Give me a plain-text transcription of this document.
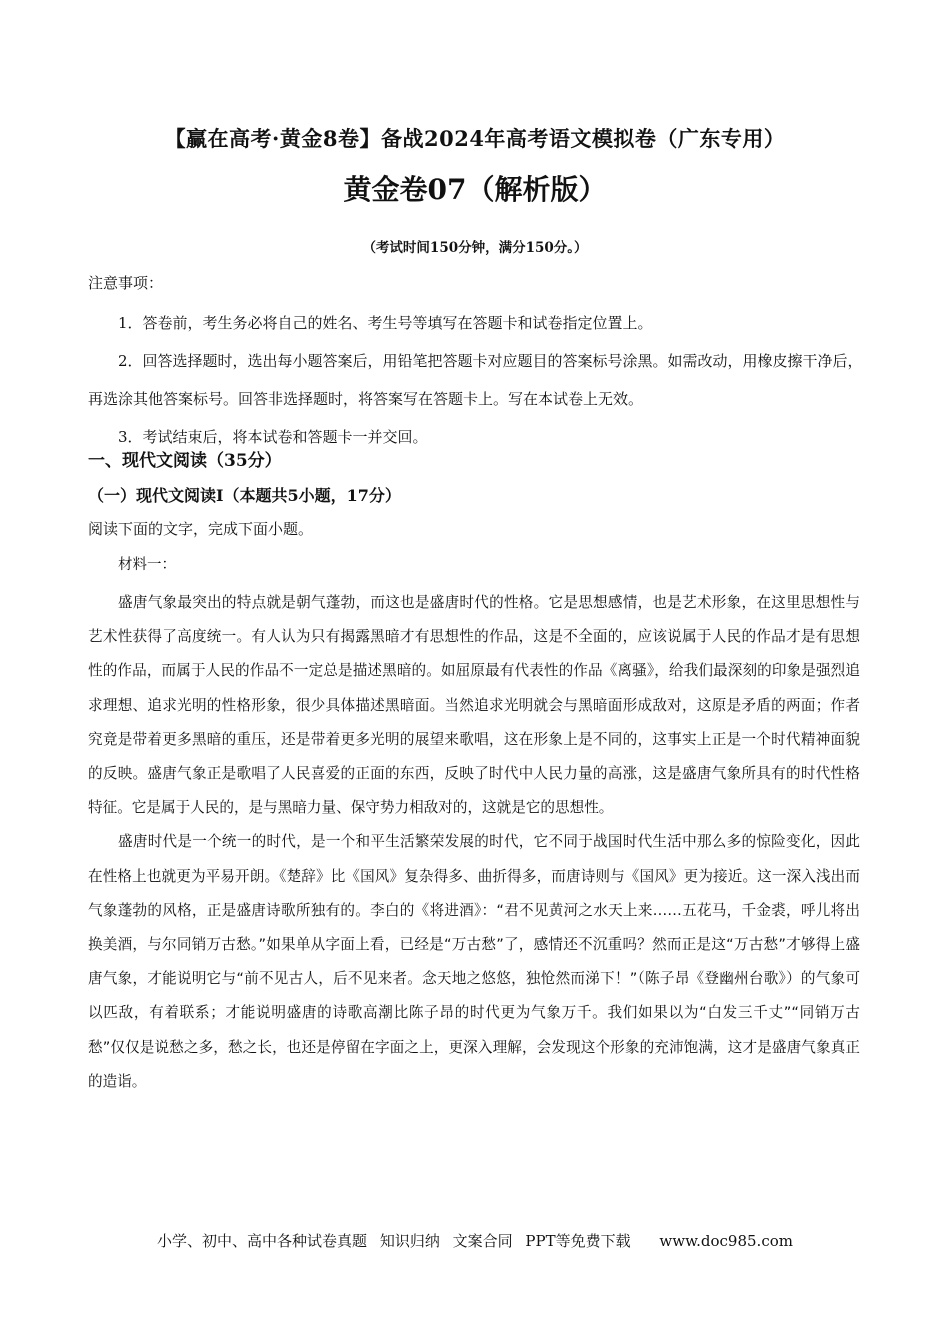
【赢在高考·黄金8卷】备战2024年高考语文模拟卷（广东专用）
黄金卷07（解析版）
（考试时间150分钟，满分150分。）
注意事项：

1．答卷前，考生务必将自己的姓名、考生号等填写在答题卡和试卷指定位置上。

2．回答选择题时，选出每小题答案后，用铅笔把答题卡对应题目的答案标号涂黑。如需改动，用橡皮擦干净后，再选涂其他答案标号。回答非选择题时，将答案写在答题卡上。写在本试卷上无效。

3．考试结束后，将本试卷和答题卡一并交回。

一、现代文阅读（35分）
（一）现代文阅读Ⅰ（本题共5小题，17分）
阅读下面的文字，完成下面小题。
材料一：

盛唐气象最突出的特点就是朝气蓬勃，而这也是盛唐时代的性格。它是思想感情，也是艺术形象，在这里思想性与艺术性获得了高度统一。有人认为只有揭露黑暗才有思想性的作品，这是不全面的，应该说属于人民的作品才是有思想性的作品，而属于人民的作品不一定总是描述黑暗的。如屈原最有代表性的作品《离骚》，给我们最深刻的印象是强烈追求理想、追求光明的性格形象，很少具体描述黑暗面。当然追求光明就会与黑暗面形成敌对，这原是矛盾的两面；作者究竟是带着更多黑暗的重压，还是带着更多光明的展望来歌唱，这在形象上是不同的，这事实上正是一个时代精神面貌的反映。盛唐气象正是歌唱了人民喜爱的正面的东西，反映了时代中人民力量的高涨，这是盛唐气象所具有的时代性格特征。它是属于人民的，是与黑暗力量、保守势力相敌对的，这就是它的思想性。

盛唐时代是一个统一的时代，是一个和平生活繁荣发展的时代，它不同于战国时代生活中那么多的惊险变化，因此在性格上也就更为平易开朗。《楚辞》比《国风》复杂得多、曲折得多，而唐诗则与《国风》更为接近。这一深入浅出而气象蓬勃的风格，正是盛唐诗歌所独有的。李白的《将进酒》：“君不见黄河之水天上来……五花马，千金裘，呼儿将出换美酒，与尔同销万古愁。”如果单从字面上看，已经是“万古愁”了，感情还不沉重吗？然而正是这“万古愁”才够得上盛唐气象，才能说明它与“前不见古人，后不见来者。念天地之悠悠，独怆然而涕下！”（陈子昂《登幽州台歌》）的气象可以匹敌，有着联系；才能说明盛唐的诗歌高潮比陈子昂的时代更为气象万千。我们如果以为“白发三千丈”“同销万古愁”仅仅是说愁之多，愁之长，也还是停留在字面之上，更深入理解，会发现这个形象的充沛饱满，这才是盛唐气象真正的造诣。

小学、初中、高中各种试卷真题 知识归纳 文案合同 PPT等免费下载 www.doc985.com
